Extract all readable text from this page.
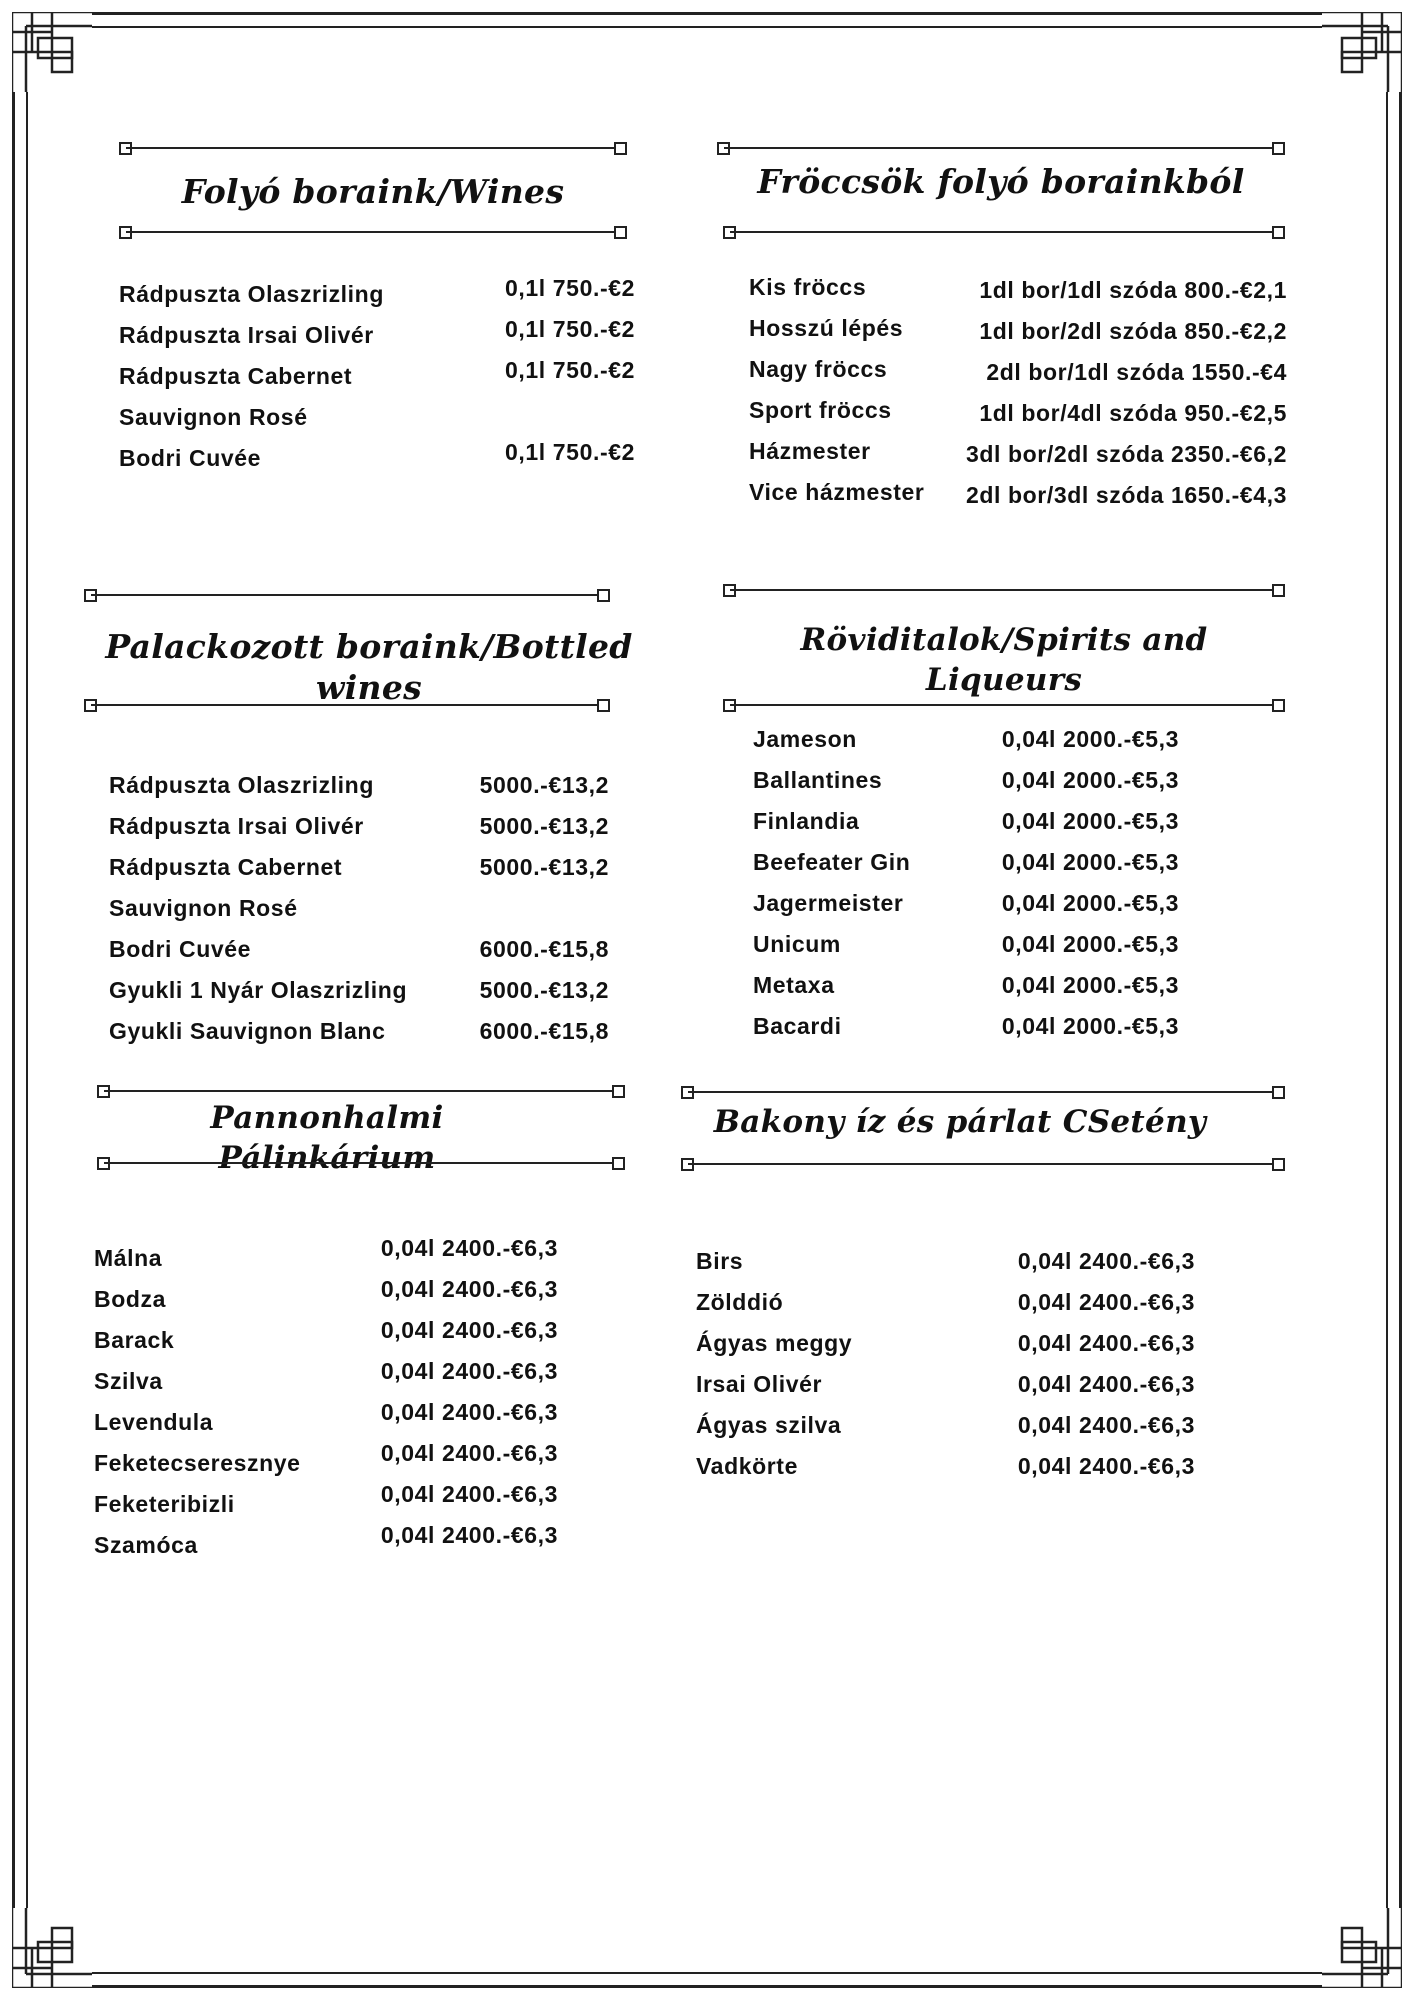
Folyó boraink/Wines
Rádpuszta Olaszrizling	0,1l 750.-€2
Rádpuszta Irsai Olivér	0,1l 750.-€2
Rádpuszta Cabernet	0,1l 750.-€2
Sauvignon Rosé
Bodri Cuvée	0,1l 750.-€2
Fröccsök folyó borainkból
Kis fröccs	1dl bor/1dl szóda 800.-€2,1
Hosszú lépés	1dl bor/2dl szóda 850.-€2,2
Nagy fröccs	2dl bor/1dl szóda 1550.-€4
Sport fröccs	1dl bor/4dl szóda 950.-€2,5
Házmester	3dl bor/2dl szóda 2350.-€6,2
Vice házmester 2dl bor/3dl szóda 1650.-€4,3
Palackozott boraink/Bottled
wines
Rádpuszta Olaszrizling	5000.-€13,2
Rádpuszta Irsai Olivér	5000.-€13,2
Rádpuszta Cabernet	5000.-€13,2
Sauvignon Rosé
Bodri Cuvée	6000.-€15,8
Gyukli 1 Nyár Olaszrizling	5000.-€13,2
Gyukli Sauvignon Blanc	6000.-€15,8
Röviditalok/Spirits and Liqueurs
Jameson	0,04l 2000.-€5,3
Ballantines	0,04l 2000.-€5,3
Finlandia	0,04l 2000.-€5,3
Beefeater Gin	0,04l 2000.-€5,3
Jagermeister	0,04l 2000.-€5,3
Unicum	0,04l 2000.-€5,3
Metaxa	0,04l 2000.-€5,3
Bacardi	0,04l 2000.-€5,3
Pannonhalmi Pálinkárium
Málna	0,04l 2400.-€6,3
Bodza	0,04l 2400.-€6,3
Barack	0,04l 2400.-€6,3
Szilva	0,04l 2400.-€6,3
Levendula	0,04l 2400.-€6,3
Feketecseresznye	0,04l 2400.-€6,3
Feketeribizli	0,04l 2400.-€6,3
Szamóca	0,04l 2400.-€6,3
Bakony íz és párlat CSetény
Birs	0,04l 2400.-€6,3
Zölddió	0,04l 2400.-€6,3
Ágyas meggy	0,04l 2400.-€6,3
Irsai Olivér	0,04l 2400.-€6,3
Ágyas szilva	0,04l 2400.-€6,3
Vadkörte	0,04l 2400.-€6,3
